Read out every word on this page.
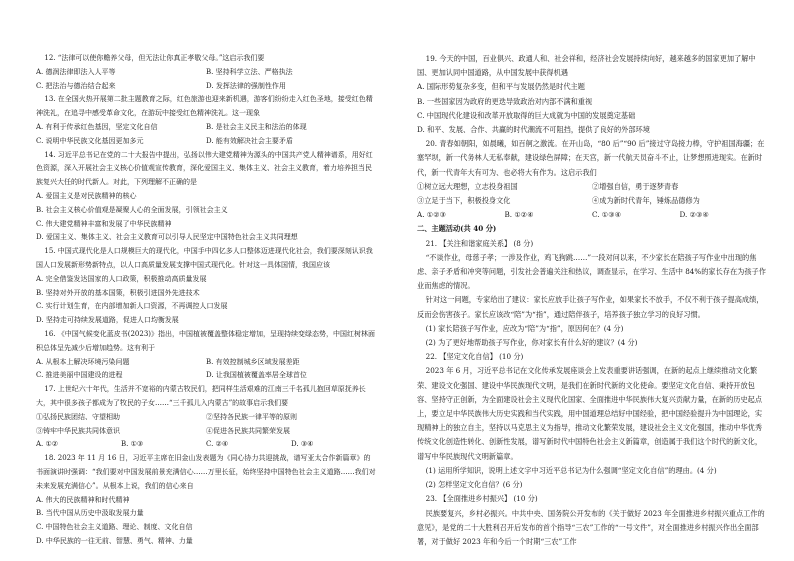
12. “法律可以使你赡养父母，但无法让你真正孝敬父母。”这启示我们要

A. 德润法律即法入人平等	B. 坚持科学立法、严格执法
C. 把法治与德治结合起来	D. 发挥法律的强制性作用

13. 在全国火热开展第二批主题教育之际，红色旅游也迎来新机遇，游客们纷纷走入红色圣地，接受红色精神洗礼，在追寻中感受革命文化，在游玩中接受红色精神洗礼。这一现象

A. 有利于传承红色基因，坚定文化自信	B. 是社会主义民主和法治的体现
C. 说明中华民族文化基因更加多元	D. 能有效解决社会主要矛盾

14. 习近平总书记在党的二十大报告中提出，弘扬以伟大建党精神为源头的中国共产党人精神谱系，用好红色资源，深入开展社会主义核心价值观宣传教育，深化爱国主义、集体主义、社会主义教育，着力培养担当民族复兴大任的时代新人。对此，下列理解不正确的是

A. 爱国主义是对民族精神的核心
B. 社会主义核心价值观是凝聚人心的全面发展，引领社会主义
C. 伟大建党精神丰富和发展了中华民族精神
D. 爱国主义、集体主义、社会主义教育可以引导人民坚定中国特色社会主义共同理想

15. 中国式现代化是人口规模巨大的现代化，中国手中四亿多人口整体迈进现代化社会，我们要深刻认识我国人口发展新形势新特点，以人口高质量发展支撑中国式现代化。针对这一具体国情，我国应该

A. 完全借鉴发达国家的人口政策，积极推动高质量发展
B. 坚持对外开放的基本国策，积极引进国外先进技术
C. 实行计划生育，在内部增加新人口资源，不再调控人口发展
D. 坚持走可持续发展道路，促进人口均衡发展

16. 《中国气候变化蓝皮书(2023)》指出，中国植被覆盖整体稳定增加，呈现持续变绿态势，中国红树林面积总体呈先减少后增加趋势。这有利于

A. 从根本上解决环境污染问题	B. 有效控制城乡区域发展差距
C. 推进美丽中国建设的进程	D. 让我国植被覆盖率居全球首位

17. 上世纪六十年代，生活并不宽裕的内蒙古牧民们，把同样生活艰难的江南三千名孤儿抱回草原抚养长大，其中很多孩子都成为了牧民的子女……“三千孤儿入内蒙古”的故事启示我们要

①弘扬民族团结、守望相助	②坚持各民族一律平等的原则
③铸牢中华民族共同体意识	④促进各民族共同繁荣发展
A. ①②	B. ①③	C. ②④	D. ③④

18. 2023 年 11 月 16 日，习近平主席在旧金山发表题为《同心协力共迎挑战，谱写亚太合作新篇章》的书面演讲时强调：“我们要对中国发展前景充满信心……万里长征，始终坚持中国特色社会主义道路……我们对未来发展充满信心”。从根本上说，我们的信心来自

A. 伟大的民族精神和时代精神
B. 当代中国从历史中汲取发展力量
C. 中国特色社会主义道路、理论、制度、文化自信
D. 中华民族的一往无前、智慧、勇气、精神、力量

19. 今天的中国，百业俱兴、政通人和、社会祥和，经济社会发展持续向好，越来越多的国家更加了解中国、更加认同中国道路，从中国发展中获得机遇

A. 国际形势复杂多变，但和平与发展仍然是时代主题
B. 一些国家因为政府的更迭导致政治对内部不满和重视
C. 中国现代化建设和改革开放取得的巨大成就为中国的发展奠定基础
D. 和平、发展、合作、共赢的时代潮流不可阻挡，提供了良好的外部环境

20. 青春如朝阳，如晨曦，如百舸之激流。在开山岛，“80 后”“90 后”接过守岛接力棒，守护祖国海疆；在塞罕坝，新一代务林人无私奉献，建设绿色屏障；在天宫，新一代航天员奋斗不止，让梦想照进现实。在新时代，新一代青年大有可为、也必将大有作为。这启示我们

①树立远大理想，立志投身祖国	②增强自信，勇于逐梦青春
③立足于当下，积极投身文化	④成为新时代青年，锤炼品德修为
A. ①②③	B. ①②④	C. ①③④	D. ②③④
二、主题活动(共 40 分)
21. 【关注和谐家庭关系】 (8 分)

“不谈作业，母慈子孝；一涉及作业，鸡飞狗跳……”一段对问以来，不少家长在陪孩子写作业中出现的焦虑、亲子矛盾和冲突等问题，引发社会普遍关注和热议，调查显示，在学习、生活中 84%的家长存在为孩子作业而焦虑的情况。

针对这一问题，专家给出了建议：家长应放手让孩子写作业，如果家长不放手，不仅不利于孩子提高成绩，反而会伤害孩子。家长应该改“陪”为“指”，通过陪伴孩子，培养孩子独立学习的良好习惯。

(1) 家长陪孩子写作业，应改为“陪”为“指”，原因何在？(4 分)
(2) 为了更好地帮助孩子写作业，你对家长有什么好的建议？(4 分)
22. 【坚定文化自信】 (10 分)

2023 年 6 月，习近平总书记在文化传承发展座谈会上发表重要讲话强调，在新的起点上继续推动文化繁荣、建设文化强国、建设中华民族现代文明，是我们在新时代新的文化使命。要坚定文化自信、秉持开放包容、坚持守正创新，为全面建设社会主义现代化国家、全面推进中华民族伟大复兴贡献力量，在新的历史起点上，要立足中华民族伟大历史实践和当代实践，用中国道理总结好中国经验，把中国经验提升为中国理论，实现精神上的独立自主，坚持以马克思主义为指导，推动文化繁荣发展，建设社会主义文化强国，推动中华优秀传统文化创造性转化、创新性发展，谱写新时代中国特色社会主义新篇章，创造属于我们这个时代的新文化，谱写中华民族现代文明新篇章。

(1) 运用所学知识，说明上述文字中习近平总书记为什么强调“坚定文化自信”的理由。(4 分)
(2) 怎样坚定文化自信？(6 分)
23. 【全面推进乡村振兴】 (10 分)

民族要复兴，乡村必振兴。中共中央、国务院公开发布的《关于做好 2023 年全面推进乡村振兴重点工作的意见》，是党的二十大胜利召开后发布的首个指导“三农”工作的“一号文件”，对全面推进乡村振兴作出全面部署，对于做好 2023 年和今后一个时期“三农”工作
